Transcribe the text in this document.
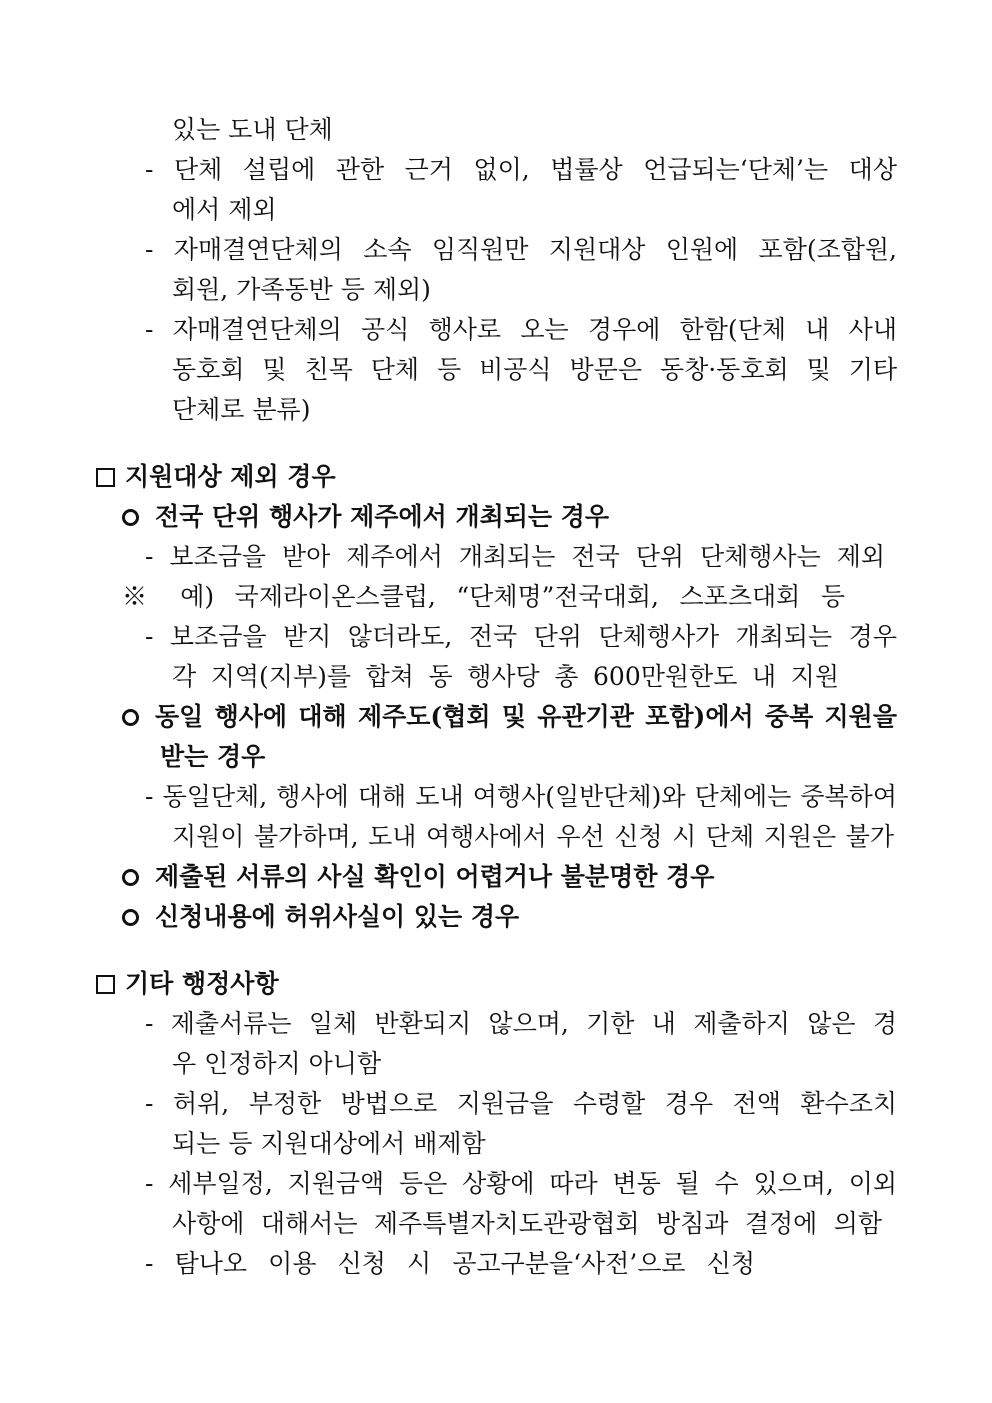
있는 도내 단체
- 단체 설립에 관한 근거 없이, 법률상 언급되는‘단체’는 대상
에서 제외
- 자매결연단체의 소속 임직원만 지원대상 인원에 포함(조합원,
회원, 가족동반 등 제외)
- 자매결연단체의 공식 행사로 오는 경우에 한함(단체 내 사내
동호회 및 친목 단체 등 비공식 방문은 동창·동호회 및 기타
단체로 분류)
지원대상 제외 경우
전국 단위 행사가 제주에서 개최되는 경우
- 보조금을 받아 제주에서 개최되는 전국 단위 단체행사는 제외
※ 예) 국제라이온스클럽, “단체명”전국대회, 스포츠대회 등
- 보조금을 받지 않더라도, 전국 단위 단체행사가 개최되는 경우
각 지역(지부)를 합쳐 동 행사당 총 600만원한도 내 지원
동일 행사에 대해 제주도(협회 및 유관기관 포함)에서 중복 지원을
받는 경우
- 동일단체, 행사에 대해 도내 여행사(일반단체)와 단체에는 중복하여
지원이 불가하며, 도내 여행사에서 우선 신청 시 단체 지원은 불가
제출된 서류의 사실 확인이 어렵거나 불분명한 경우
신청내용에 허위사실이 있는 경우
기타 행정사항
- 제출서류는 일체 반환되지 않으며, 기한 내 제출하지 않은 경
우 인정하지 아니함
- 허위, 부정한 방법으로 지원금을 수령할 경우 전액 환수조치
되는 등 지원대상에서 배제함
- 세부일정, 지원금액 등은 상황에 따라 변동 될 수 있으며, 이외
사항에 대해서는 제주특별자치도관광협회 방침과 결정에 의함
- 탐나오 이용 신청 시 공고구분을‘사전’으로 신청
